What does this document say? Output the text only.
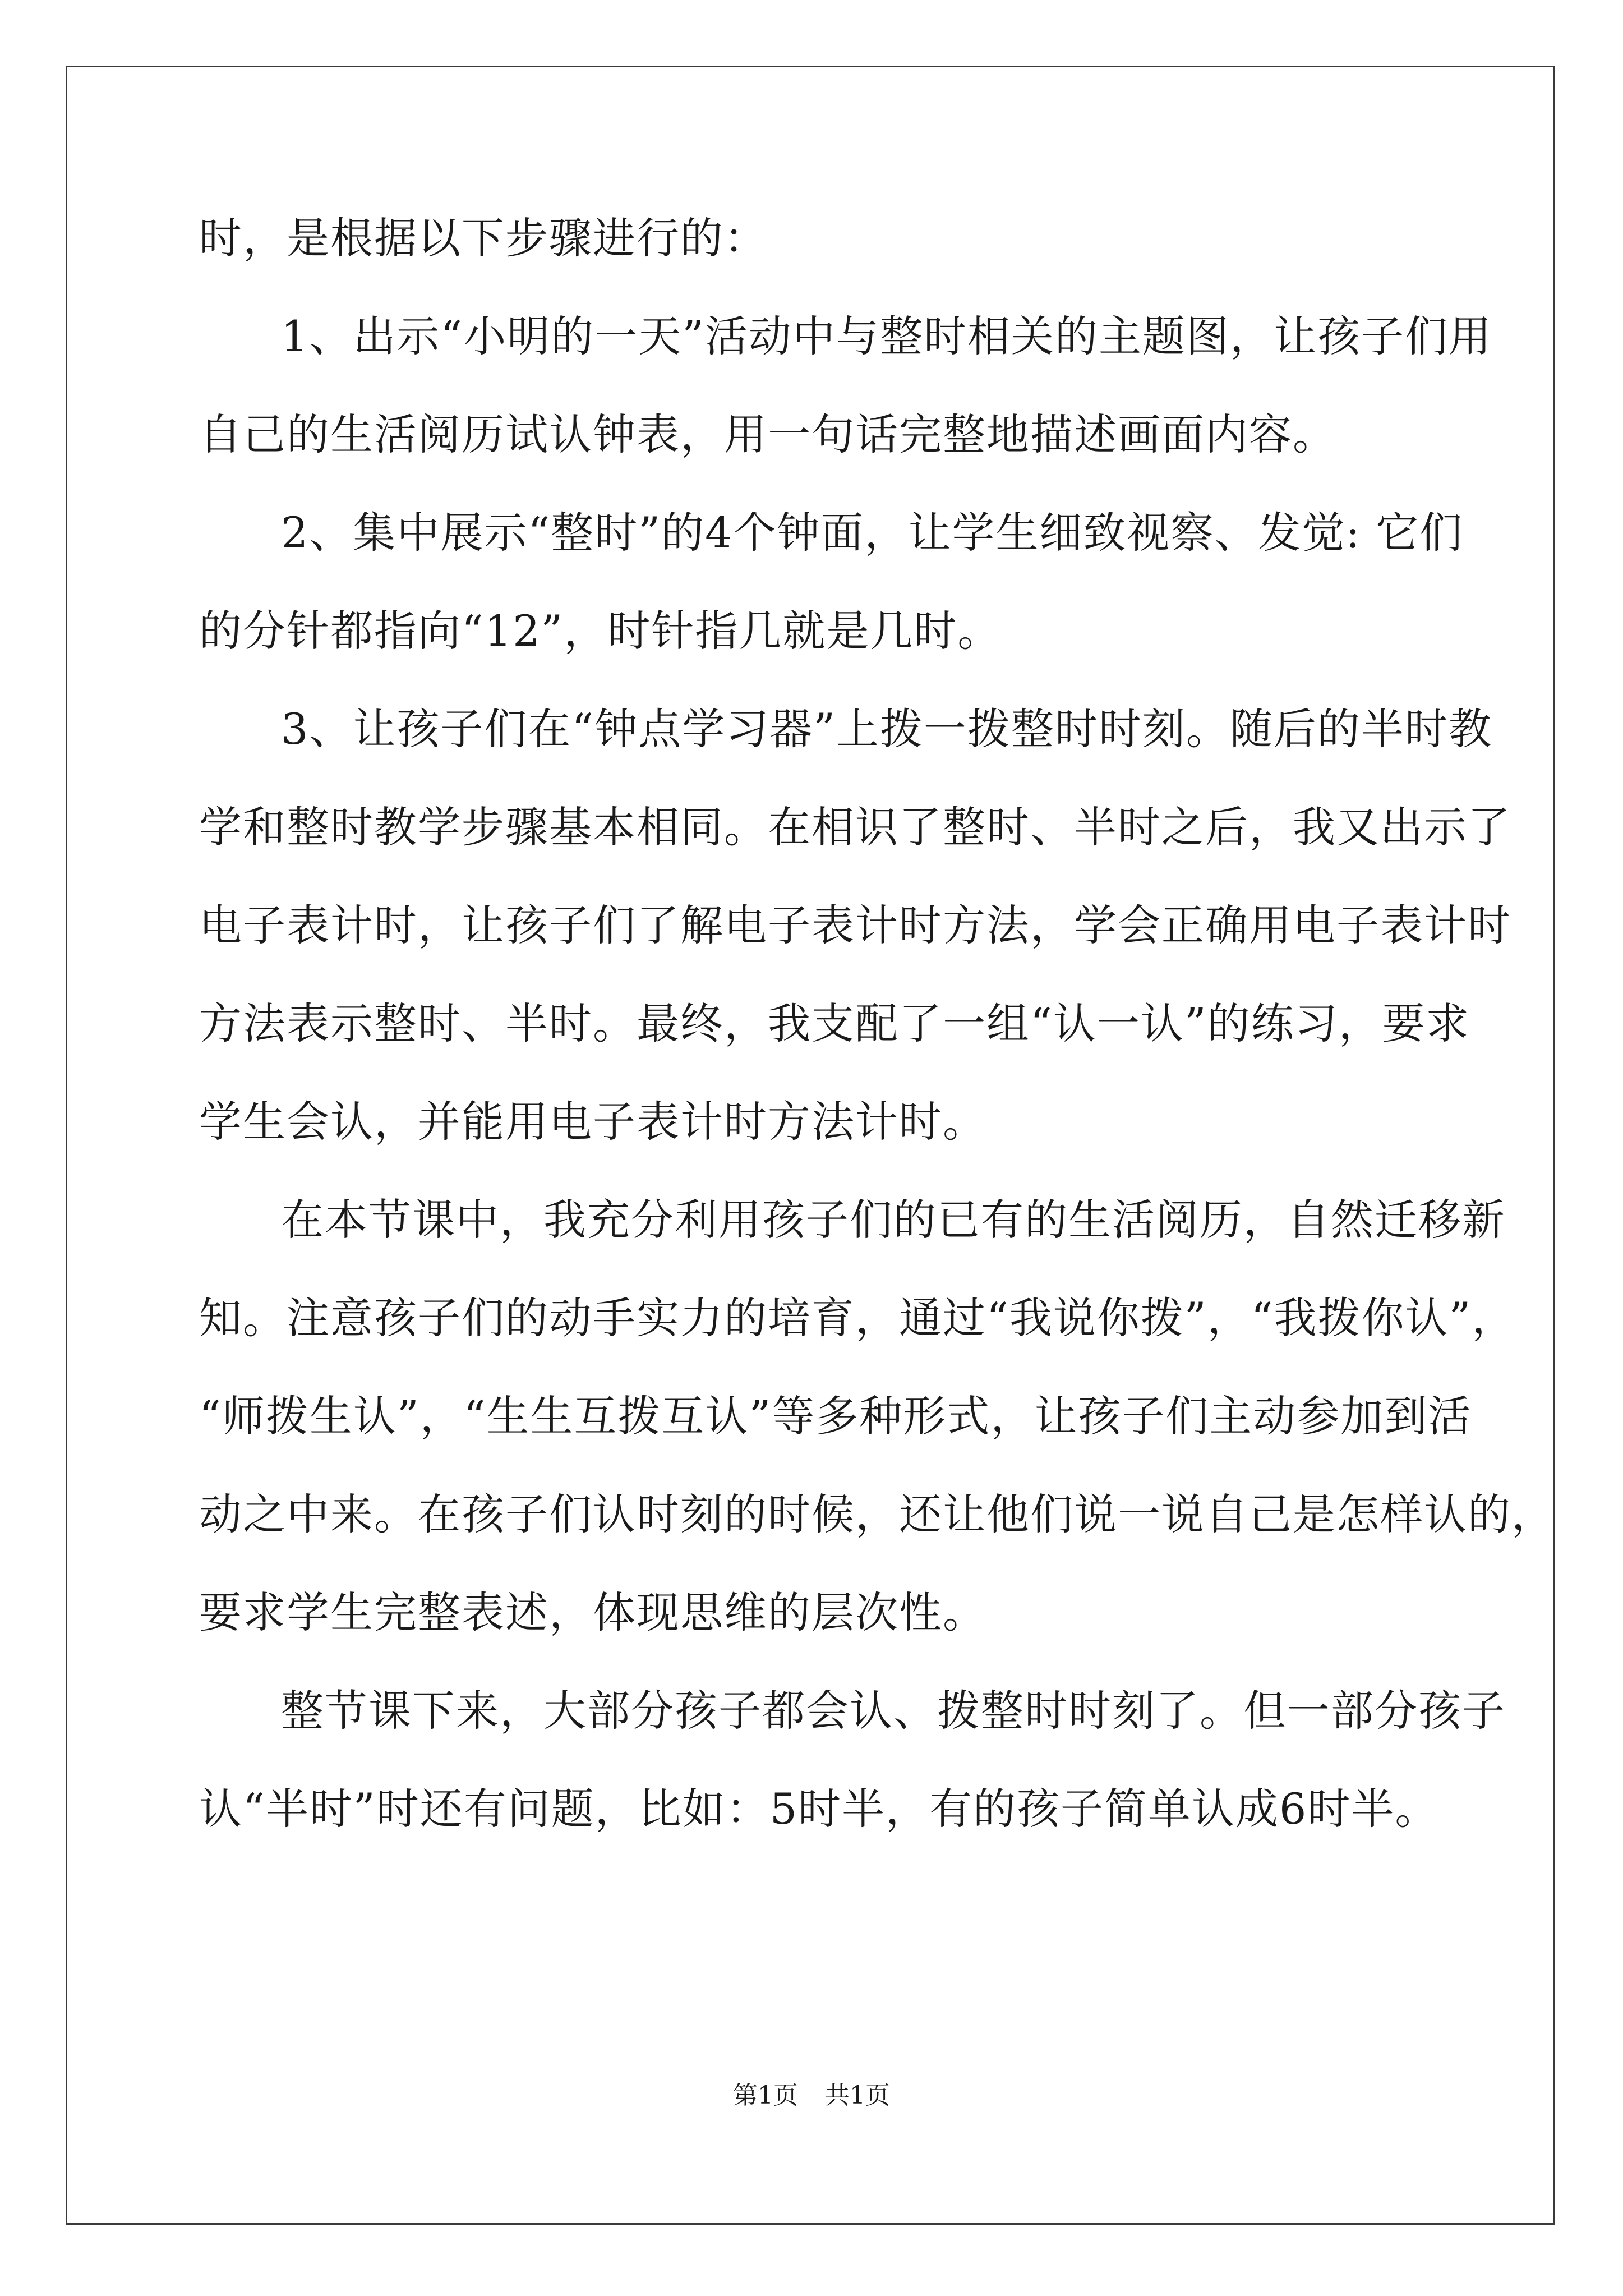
时，是根据以下步骤进行的：
1、出示“小明的一天”活动中与整时相关的主题图，让孩子们用
自己的生活阅历试认钟表，用一句话完整地描述画面内容。
2、集中展示“整时”的4个钟面，让学生细致视察、发觉: 它们
的分针都指向“12”，时针指几就是几时。
3、让孩子们在“钟点学习器”上拨一拨整时时刻。随后的半时教
学和整时教学步骤基本相同。在相识了整时、半时之后，我又出示了
电子表计时，让孩子们了解电子表计时方法，学会正确用电子表计时
方法表示整时、半时。最终，我支配了一组“认一认”的练习，要求
学生会认，并能用电子表计时方法计时。
在本节课中，我充分利用孩子们的已有的生活阅历，自然迁移新
知。注意孩子们的动手实力的培育，通过“我说你拨”，“我拨你认”，
“师拨生认”，“生生互拨互认”等多种形式，让孩子们主动参加到活
动之中来。在孩子们认时刻的时候，还让他们说一说自己是怎样认的，
要求学生完整表述，体现思维的层次性。
整节课下来，大部分孩子都会认、拨整时时刻了。但一部分孩子
认“半时”时还有问题，比如：5时半，有的孩子简单认成6时半。
第1页 共1页
